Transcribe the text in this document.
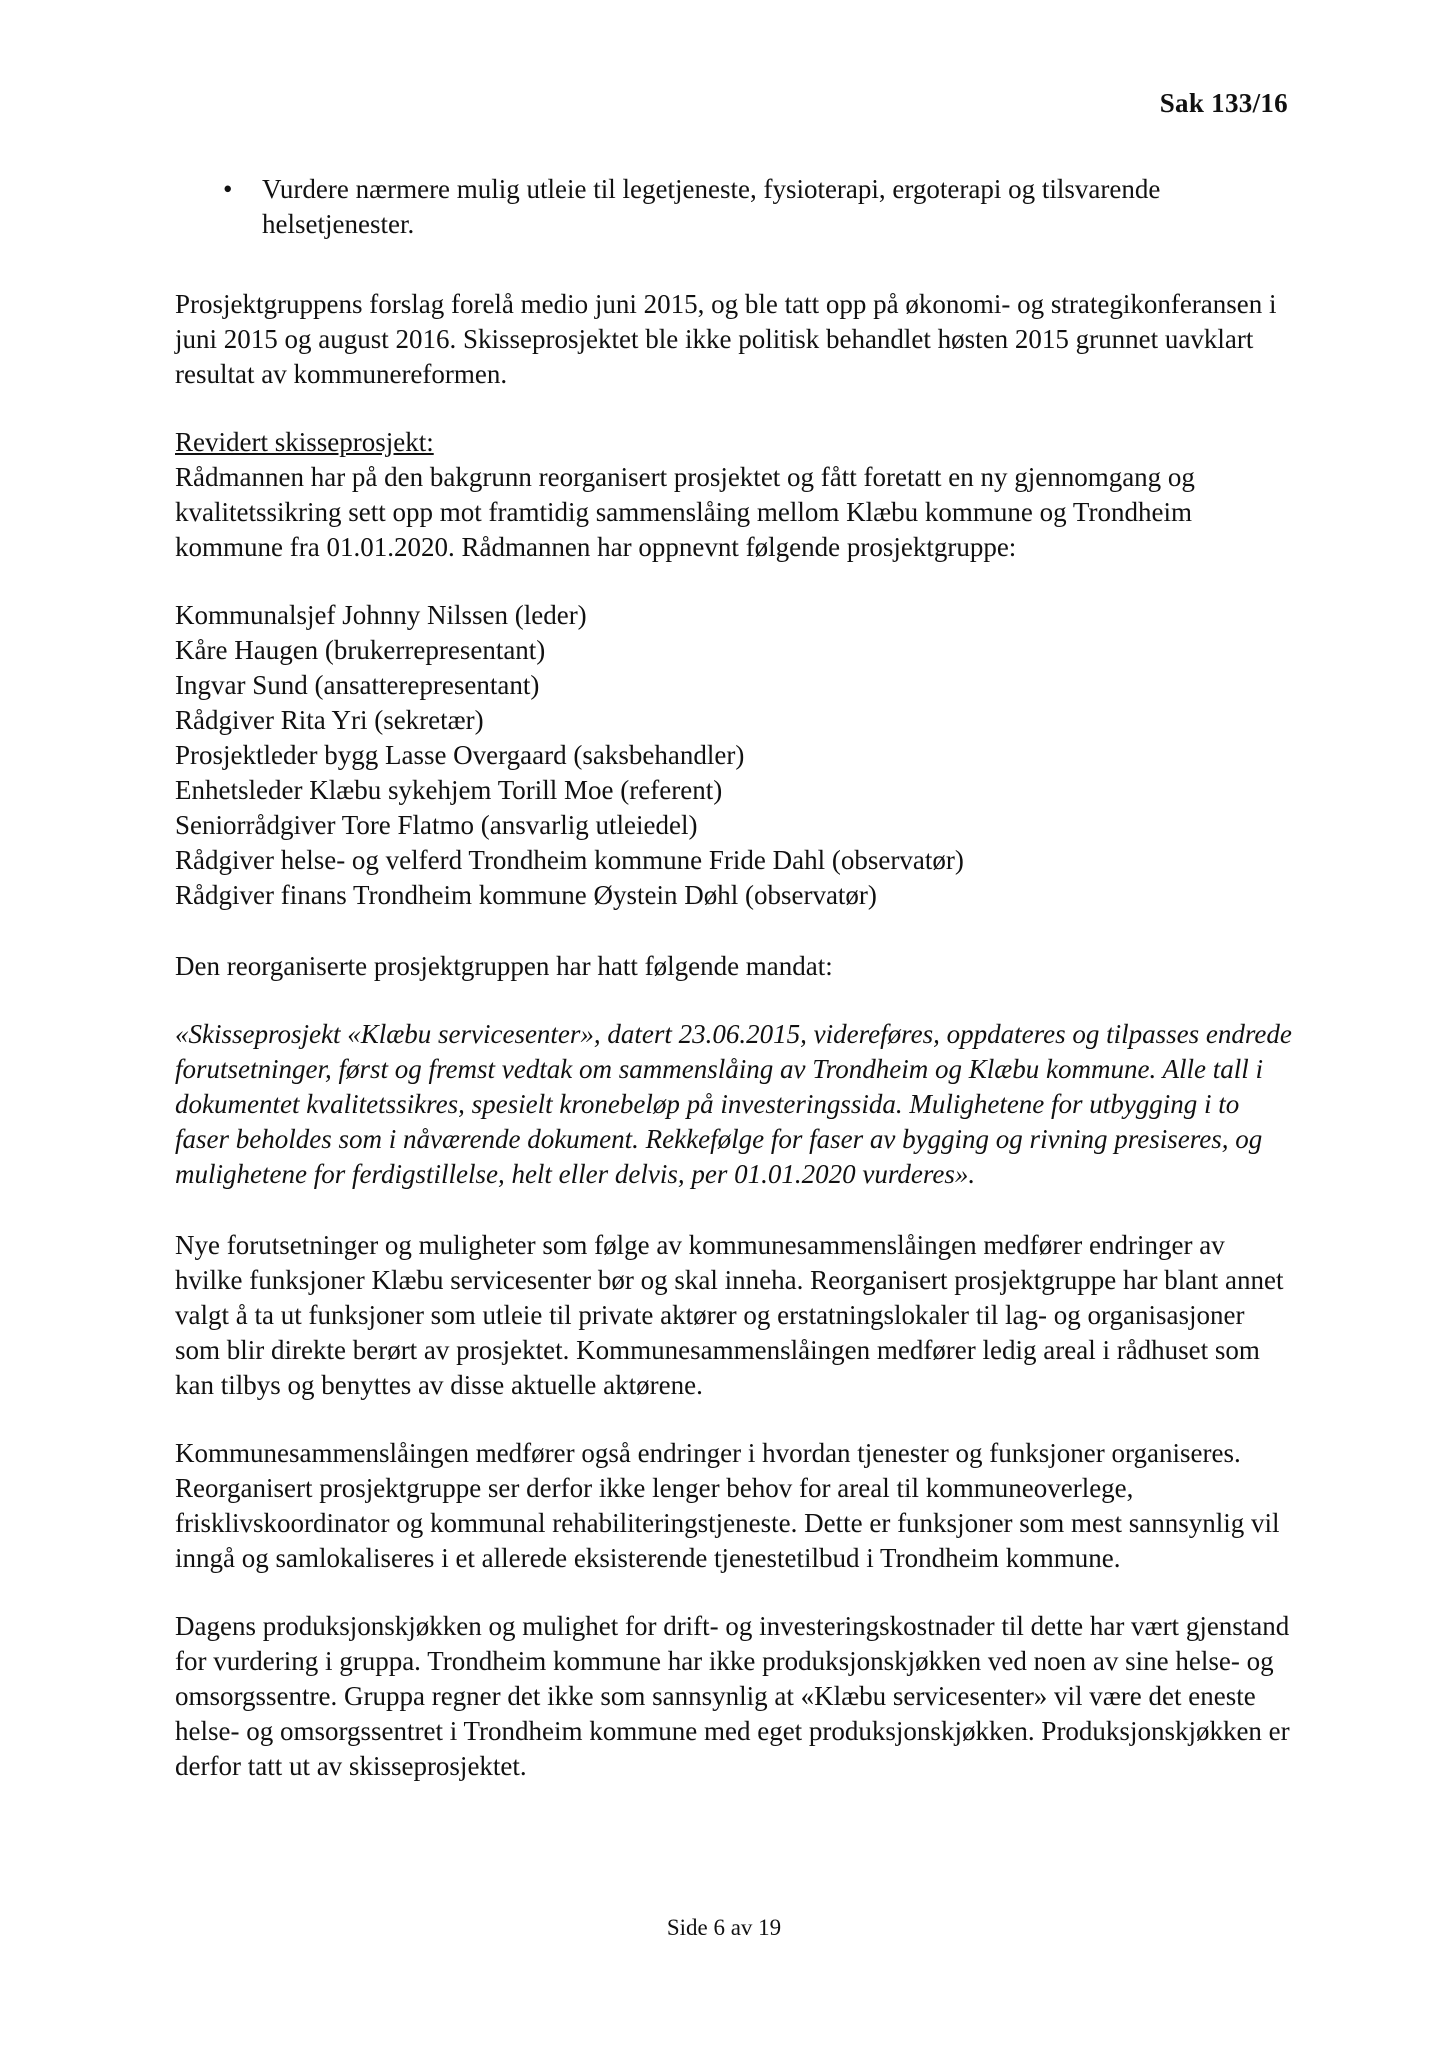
Sak 133/16
• Vurdere nærmere mulig utleie til legetjeneste, fysioterapi, ergoterapi og tilsvarende helsetjenester.

Prosjektgruppens forslag forelå medio juni 2015, og ble tatt opp på økonomi- og strategikonferansen i juni 2015 og august 2016. Skisseprosjektet ble ikke politisk behandlet høsten 2015 grunnet uavklart resultat av kommunereformen.

Revidert skisseprosjekt:

Rådmannen har på den bakgrunn reorganisert prosjektet og fått foretatt en ny gjennomgang og kvalitetssikring sett opp mot framtidig sammenslåing mellom Klæbu kommune og Trondheim kommune fra 01.01.2020. Rådmannen har oppnevnt følgende prosjektgruppe:

Kommunalsjef Johnny Nilssen (leder)
Kåre Haugen (brukerrepresentant)
Ingvar Sund (ansatterepresentant)
Rådgiver Rita Yri (sekretær)
Prosjektleder bygg Lasse Overgaard (saksbehandler)
Enhetsleder Klæbu sykehjem Torill Moe (referent)
Seniorrådgiver Tore Flatmo (ansvarlig utleiedel)
Rådgiver helse- og velferd Trondheim kommune Fride Dahl (observatør)
Rådgiver finans Trondheim kommune Øystein Døhl (observatør)

Den reorganiserte prosjektgruppen har hatt følgende mandat:

«Skisseprosjekt «Klæbu servicesenter», datert 23.06.2015, videreføres, oppdateres og tilpasses endrede forutsetninger, først og fremst vedtak om sammenslåing av Trondheim og Klæbu kommune. Alle tall i dokumentet kvalitetssikres, spesielt kronebeløp på investeringssida. Mulighetene for utbygging i to faser beholdes som i nåværende dokument. Rekkefølge for faser av bygging og rivning presiseres, og mulighetene for ferdigstillelse, helt eller delvis, per 01.01.2020 vurderes».

Nye forutsetninger og muligheter som følge av kommunesammenslåingen medfører endringer av hvilke funksjoner Klæbu servicesenter bør og skal inneha. Reorganisert prosjektgruppe har blant annet valgt å ta ut funksjoner som utleie til private aktører og erstatningslokaler til lag- og organisasjoner som blir direkte berørt av prosjektet. Kommunesammenslåingen medfører ledig areal i rådhuset som kan tilbys og benyttes av disse aktuelle aktørene.

Kommunesammenslåingen medfører også endringer i hvordan tjenester og funksjoner organiseres. Reorganisert prosjektgruppe ser derfor ikke lenger behov for areal til kommuneoverlege, frisklivskoordinator og kommunal rehabiliteringstjeneste. Dette er funksjoner som mest sannsynlig vil inngå og samlokaliseres i et allerede eksisterende tjenestetilbud i Trondheim kommune.

Dagens produksjonskjøkken og mulighet for drift- og investeringskostnader til dette har vært gjenstand for vurdering i gruppa. Trondheim kommune har ikke produksjonskjøkken ved noen av sine helse- og omsorgssentre. Gruppa regner det ikke som sannsynlig at «Klæbu servicesenter» vil være det eneste helse- og omsorgssentret i Trondheim kommune med eget produksjonskjøkken. Produksjonskjøkken er derfor tatt ut av skisseprosjektet.

Side 6 av 19
